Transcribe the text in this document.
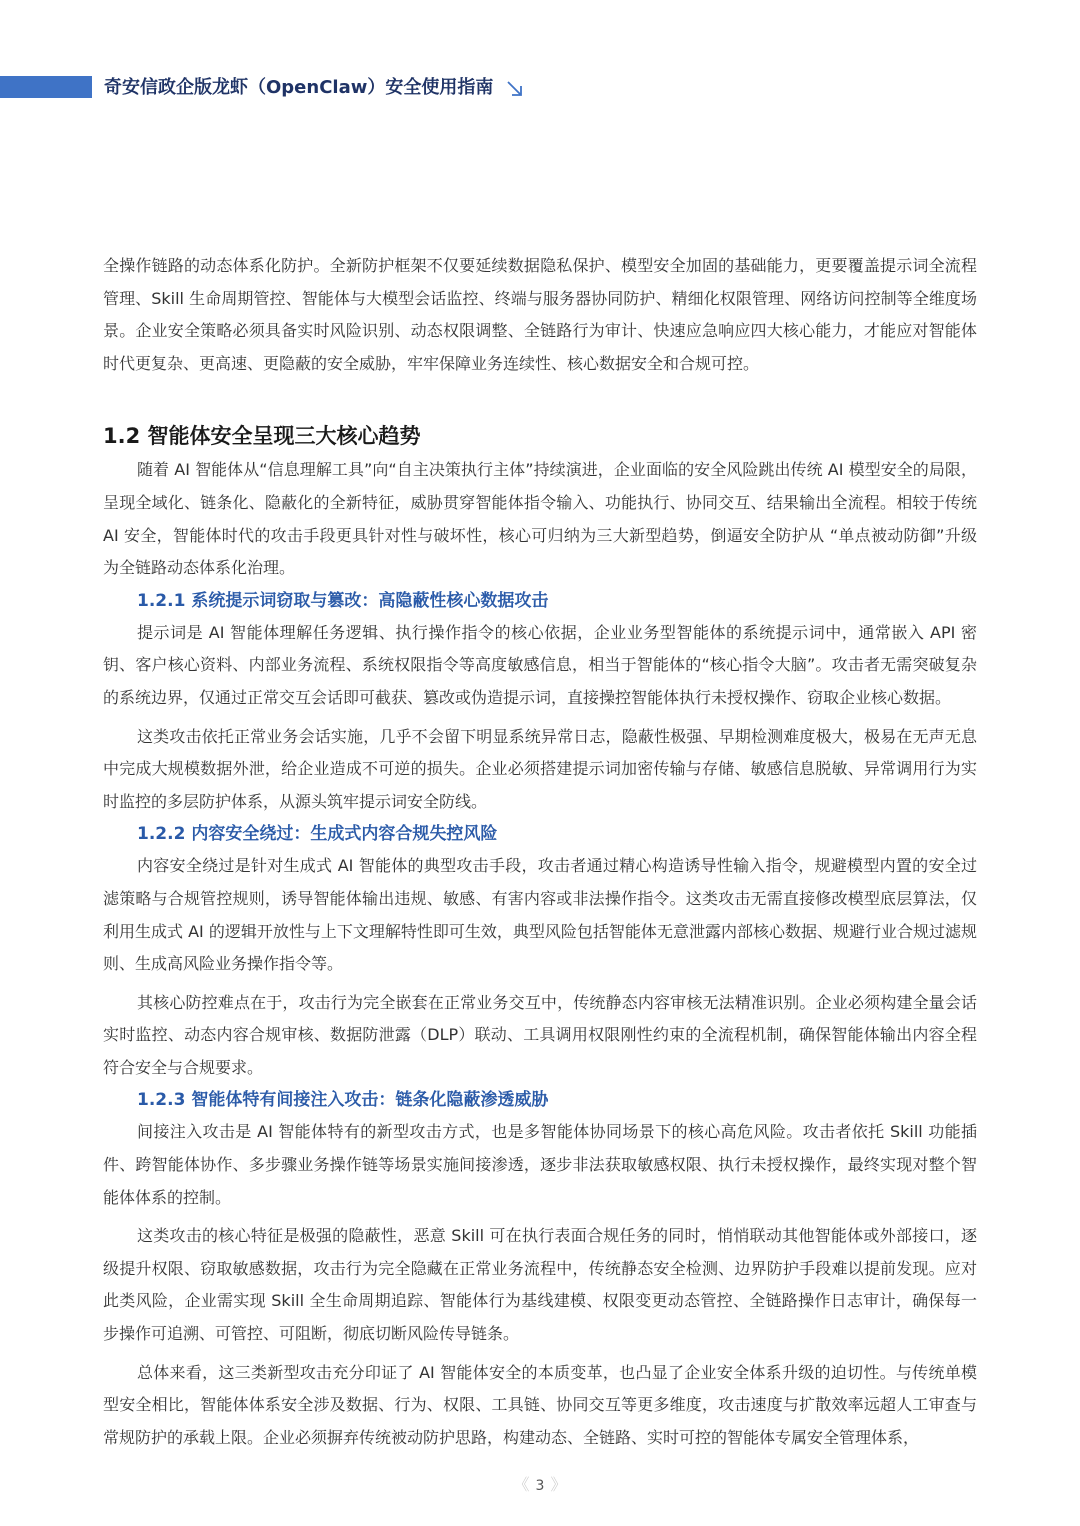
奇安信政企版龙虾（OpenClaw）安全使用指南

全操作链路的动态体系化防护。全新防护框架不仅要延续数据隐私保护、模型安全加固的基础能力，更要覆盖提示词全流程管理、Skill 生命周期管控、智能体与大模型会话监控、终端与服务器协同防护、精细化权限管理、网络访问控制等全维度场景。企业安全策略必须具备实时风险识别、动态权限调整、全链路行为审计、快速应急响应四大核心能力，才能应对智能体时代更复杂、更高速、更隐蔽的安全威胁，牢牢保障业务连续性、核心数据安全和合规可控。

1.2 智能体安全呈现三大核心趋势

随着 AI 智能体从“信息理解工具”向“自主决策执行主体”持续演进，企业面临的安全风险跳出传统 AI 模型安全的局限，呈现全域化、链条化、隐蔽化的全新特征，威胁贯穿智能体指令输入、功能执行、协同交互、结果输出全流程。相较于传统 AI 安全，智能体时代的攻击手段更具针对性与破坏性，核心可归纳为三大新型趋势，倒逼安全防护从 “单点被动防御”升级为全链路动态体系化治理。

1.2.1 系统提示词窃取与篡改：高隐蔽性核心数据攻击

提示词是 AI 智能体理解任务逻辑、执行操作指令的核心依据，企业业务型智能体的系统提示词中，通常嵌入 API 密钥、客户核心资料、内部业务流程、系统权限指令等高度敏感信息，相当于智能体的“核心指令大脑”。攻击者无需突破复杂的系统边界，仅通过正常交互会话即可截获、篡改或伪造提示词，直接操控智能体执行未授权操作、窃取企业核心数据。

这类攻击依托正常业务会话实施，几乎不会留下明显系统异常日志，隐蔽性极强、早期检测难度极大，极易在无声无息中完成大规模数据外泄，给企业造成不可逆的损失。企业必须搭建提示词加密传输与存储、敏感信息脱敏、异常调用行为实时监控的多层防护体系，从源头筑牢提示词安全防线。

1.2.2 内容安全绕过：生成式内容合规失控风险

内容安全绕过是针对生成式 AI 智能体的典型攻击手段，攻击者通过精心构造诱导性输入指令，规避模型内置的安全过滤策略与合规管控规则，诱导智能体输出违规、敏感、有害内容或非法操作指令。这类攻击无需直接修改模型底层算法，仅利用生成式 AI 的逻辑开放性与上下文理解特性即可生效，典型风险包括智能体无意泄露内部核心数据、规避行业合规过滤规则、生成高风险业务操作指令等。

其核心防控难点在于，攻击行为完全嵌套在正常业务交互中，传统静态内容审核无法精准识别。企业必须构建全量会话实时监控、动态内容合规审核、数据防泄露（DLP）联动、工具调用权限刚性约束的全流程机制，确保智能体输出内容全程符合安全与合规要求。

1.2.3 智能体特有间接注入攻击：链条化隐蔽渗透威胁

间接注入攻击是 AI 智能体特有的新型攻击方式，也是多智能体协同场景下的核心高危风险。攻击者依托 Skill 功能插件、跨智能体协作、多步骤业务操作链等场景实施间接渗透，逐步非法获取敏感权限、执行未授权操作，最终实现对整个智能体体系的控制。

这类攻击的核心特征是极强的隐蔽性，恶意 Skill 可在执行表面合规任务的同时，悄悄联动其他智能体或外部接口，逐级提升权限、窃取敏感数据，攻击行为完全隐藏在正常业务流程中，传统静态安全检测、边界防护手段难以提前发现。应对此类风险，企业需实现 Skill 全生命周期追踪、智能体行为基线建模、权限变更动态管控、全链路操作日志审计，确保每一步操作可追溯、可管控、可阻断，彻底切断风险传导链条。

总体来看，这三类新型攻击充分印证了 AI 智能体安全的本质变革，也凸显了企业安全体系升级的迫切性。与传统单模型安全相比，智能体体系安全涉及数据、行为、权限、工具链、协同交互等更多维度，攻击速度与扩散效率远超人工审查与常规防护的承载上限。企业必须摒弃传统被动防护思路，构建动态、全链路、实时可控的智能体专属安全管理体系，

《 3 》
